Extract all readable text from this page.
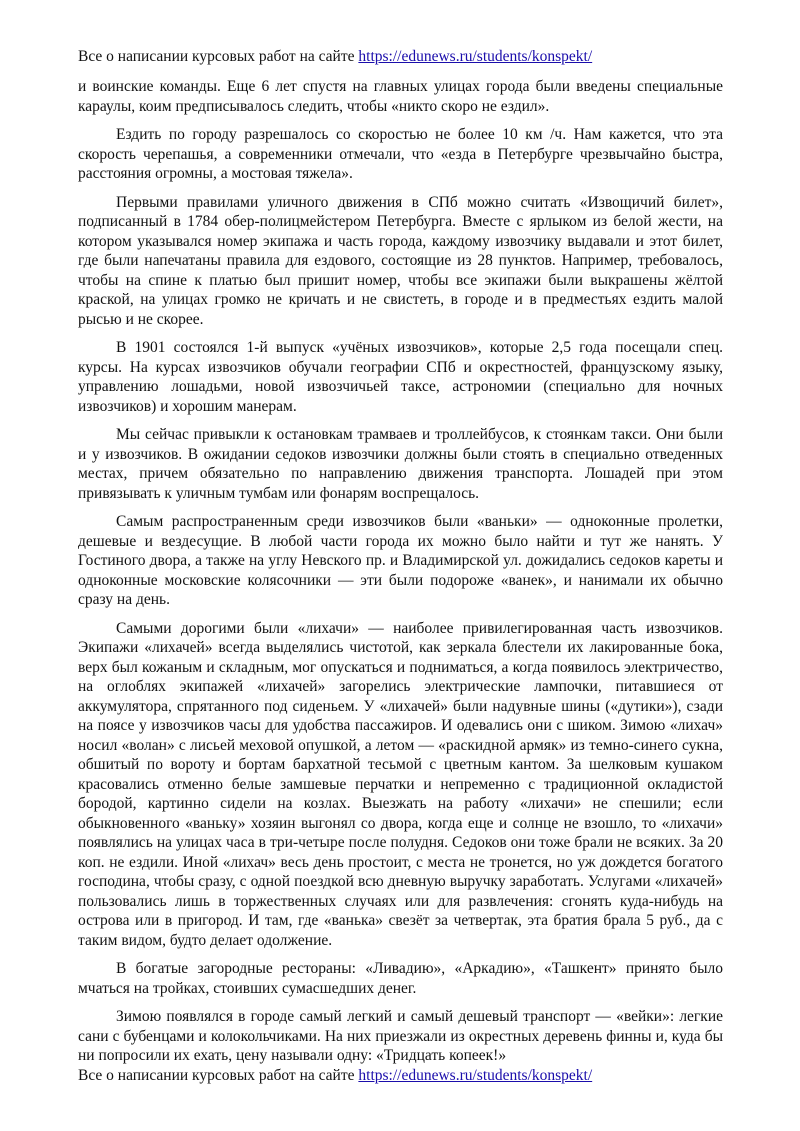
Все о написании курсовых работ на сайте https://edunews.ru/students/konspekt/

и воинские команды. Еще 6 лет спустя на главных улицах города были введены специальные караулы, коим предписывалось следить, чтобы «никто скоро не ездил».

Ездить по городу разрешалось со скоростью не более 10 км /ч. Нам кажется, что эта скорость черепашья, а современники отмечали, что «езда в Петербурге чрезвычайно быстра, расстояния огромны, а мостовая тяжела».

Первыми правилами уличного движения в СПб можно считать «Извощичий билет», подписанный в 1784 обер-полицмейстером Петербурга. Вместе с ярлыком из белой жести, на котором указывался номер экипажа и часть города, каждому извозчику выдавали и этот билет, где были напечатаны правила для ездового, состоящие из 28 пунктов. Например, требовалось, чтобы на спине к платью был пришит номер, чтобы все экипажи были выкрашены жёлтой краской, на улицах громко не кричать и не свистеть, в городе и в предместьях ездить малой рысью и не скорее.

В 1901 состоялся 1-й выпуск «учёных извозчиков», которые 2,5 года посещали спец. курсы. На курсах извозчиков обучали географии СПб и окрестностей, французскому языку, управлению лошадьми, новой извозчичьей таксе, астрономии (специально для ночных извозчиков) и хорошим манерам.

Мы сейчас привыкли к остановкам трамваев и троллейбусов, к стоянкам такси. Они были и у извозчиков. В ожидании седоков извозчики должны были стоять в специально отведенных местах, причем обязательно по направлению движения транспорта. Лошадей при этом привязывать к уличным тумбам или фонарям воспрещалось.

Самым распространенным среди извозчиков были «ваньки» — одноконные пролетки, дешевые и вездесущие. В любой части города их можно было найти и тут же нанять. У Гостиного двора, а также на углу Невского пр. и Владимирской ул. дожидались седоков кареты и одноконные московские колясочники — эти были подороже «ванек», и нанимали их обычно сразу на день.

Самыми дорогими были «лихачи» — наиболее привилегированная часть извозчиков. Экипажи «лихачей» всегда выделялись чистотой, как зеркала блестели их лакированные бока, верх был кожаным и складным, мог опускаться и подниматься, а когда появилось электричество, на оглоблях экипажей «лихачей» загорелись электрические лампочки, питавшиеся от аккумулятора, спрятанного под сиденьем. У «лихачей» были надувные шины («дутики»), сзади на поясе у извозчиков часы для удобства пассажиров. И одевались они с шиком. Зимою «лихач» носил «волан» с лисьей меховой опушкой, а летом — «раскидной армяк» из темно-синего сукна, обшитый по вороту и бортам бархатной тесьмой с цветным кантом. За шелковым кушаком красовались отменно белые замшевые перчатки и непременно с традиционной окладистой бородой, картинно сидели на козлах. Выезжать на работу «лихачи» не спешили; если обыкновенного «ваньку» хозяин выгонял со двора, когда еще и солнце не взошло, то «лихачи» появлялись на улицах часа в три-четыре после полудня. Седоков они тоже брали не всяких. За 20 коп. не ездили. Иной «лихач» весь день простоит, с места не тронется, но уж дождется богатого господина, чтобы сразу, с одной поездкой всю дневную выручку заработать. Услугами «лихачей» пользовались лишь в торжественных случаях или для развлечения: сгонять куда-нибудь на острова или в пригород. И там, где «ванька» свезёт за четвертак, эта братия брала 5 руб., да с таким видом, будто делает одолжение.

В богатые загородные рестораны: «Ливадию», «Аркадию», «Ташкент» принято было мчаться на тройках, стоивших сумасшедших денег.

Зимою появлялся в городе самый легкий и самый дешевый транспорт — «вейки»: легкие сани с бубенцами и колокольчиками. На них приезжали из окрестных деревень финны и, куда бы ни попросили их ехать, цену называли одну: «Тридцать копеек!»

Все о написании курсовых работ на сайте https://edunews.ru/students/konspekt/
